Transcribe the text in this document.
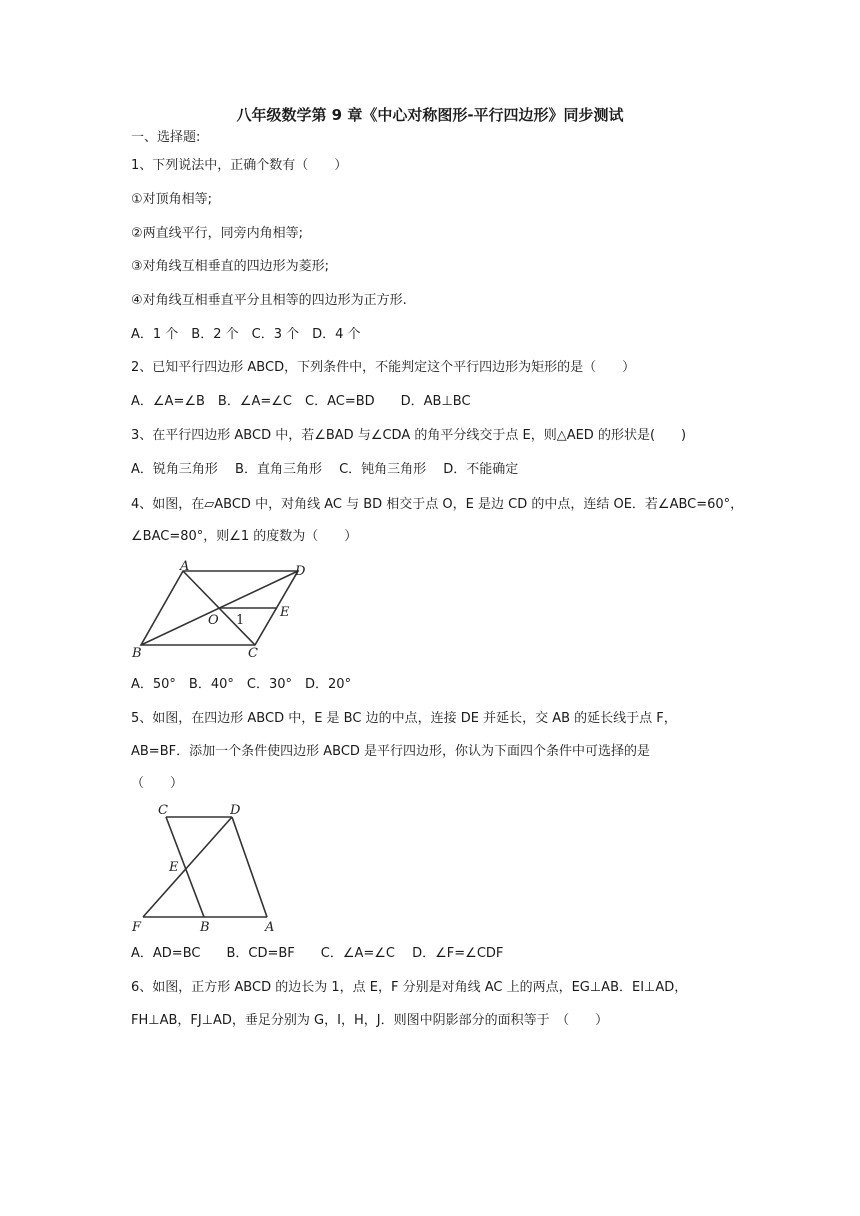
八年级数学第 9 章《中心对称图形-平行四边形》同步测试
一、选择题:
1、下列说法中，正确个数有（　　）
①对顶角相等;
②两直线平行，同旁内角相等;
③对角线互相垂直的四边形为菱形;
④对角线互相垂直平分且相等的四边形为正方形.
A．1 个　B．2 个　C．3 个　D．4 个
2、已知平行四边形 ABCD，下列条件中，不能判定这个平行四边形为矩形的是（　　）
A．∠A=∠B　B．∠A=∠C　C．AC=BD　　D．AB⊥BC
3、在平行四边形 ABCD 中，若∠BAD 与∠CDA 的角平分线交于点 E，则△AED 的形状是(　　)
A．锐角三角形　 B．直角三角形　 C．钝角三角形　 D．不能确定
4、如图，在▱ABCD 中，对角线 AC 与 BD 相交于点 O，E 是边 CD 的中点，连结 OE．若∠ABC=60°，
∠BAC=80°，则∠1 的度数为（　　）
A	D
B	C
O
E
1
A．50°　B．40°　C．30°　D．20°
5、如图，在四边形 ABCD 中，E 是 BC 边的中点，连接 DE 并延长，交 AB 的延长线于点 F，
AB=BF．添加一个条件使四边形 ABCD 是平行四边形，你认为下面四个条件中可选择的是
（　　）
C	D
E
F	B	A
A．AD=BC　　B．CD=BF　　C．∠A=∠C　 D．∠F=∠CDF
6、如图，正方形 ABCD 的边长为 1，点 E，F 分别是对角线 AC 上的两点，EG⊥AB．EI⊥AD，
FH⊥AB，FJ⊥AD，垂足分别为 G，I，H，J．则图中阴影部分的面积等于　（　　）
